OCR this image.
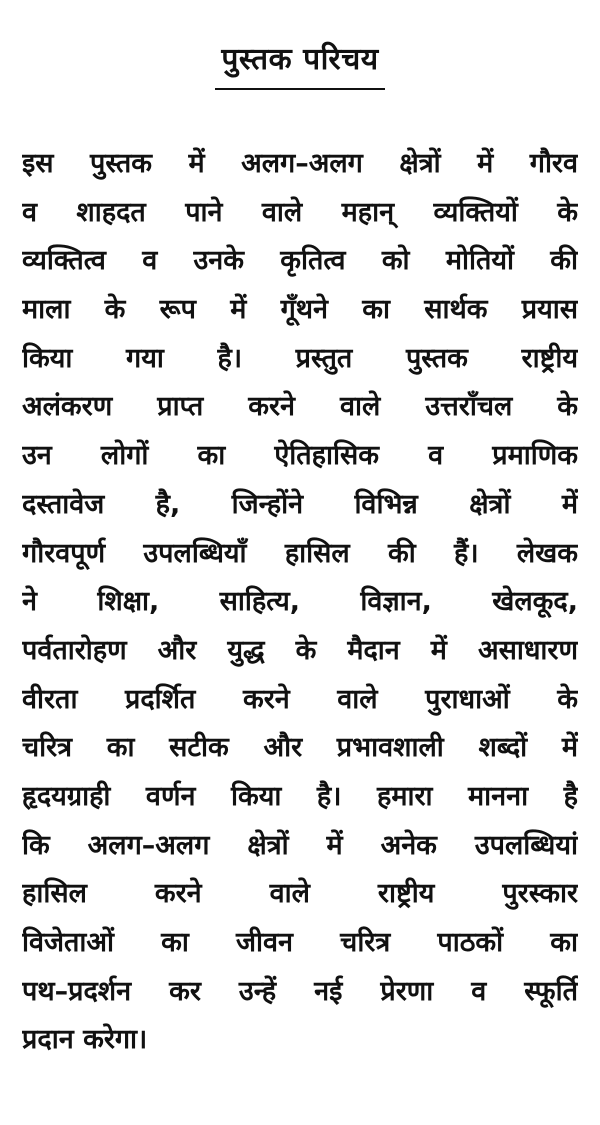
पुस्तक परिचय
इस पुस्तक में अलग–अलग क्षेत्रों में गौरव
व शाहदत पाने वाले महान् व्यक्तियों के
व्यक्तित्व व उनके कृतित्व को मोतियों की
माला के रूप में गूँथने का सार्थक प्रयास
किया गया है। प्रस्तुत पुस्तक राष्ट्रीय
अलंकरण प्राप्त करने वाले उत्तराँचल के
उन लोगों का ऐतिहासिक व प्रमाणिक
दस्तावेज है, जिन्होंने विभिन्न क्षेत्रों में
गौरवपूर्ण उपलब्धियाँ हासिल की हैं। लेखक
ने शिक्षा, साहित्य, विज्ञान, खेलकूद,
पर्वतारोहण और युद्ध के मैदान में असाधारण
वीरता प्रदर्शित करने वाले पुराधाओं के
चरित्र का सटीक और प्रभावशाली शब्दों में
हृदयग्राही वर्णन किया है। हमारा मानना है
कि अलग–अलग क्षेत्रों में अनेक उपलब्धियां
हासिल करने वाले राष्ट्रीय पुरस्कार
विजेताओं का जीवन चरित्र पाठकों का
पथ–प्रदर्शन कर उन्हें नई प्रेरणा व स्फूर्ति
प्रदान करेगा।
